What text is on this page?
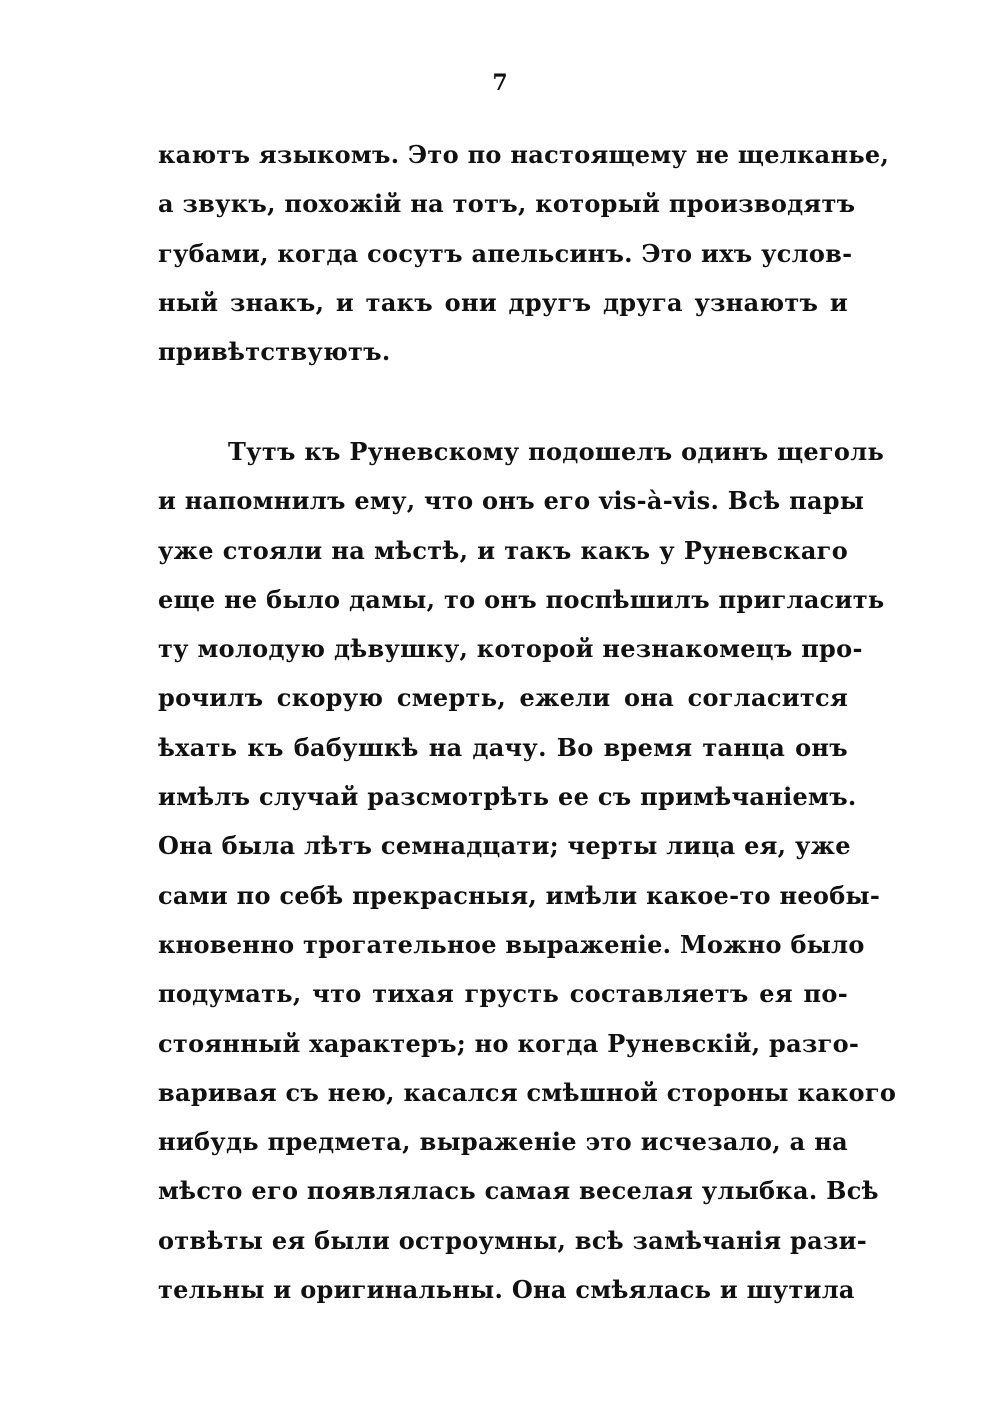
7
каютъ языкомъ. Это по настоящему не щелканье,
а звукъ, похожій на тотъ, который производятъ
губами, когда сосутъ апельсинъ. Это ихъ услов-
ный знакъ, и такъ они другъ друга узнаютъ и
привѣтствуютъ.
Тутъ къ Руневскому подошелъ одинъ щеголь
и напомнилъ ему, что онъ его vis-à-vis. Всѣ пары
уже стояли на мѣстѣ, и такъ какъ у Руневскаго
еще не было дамы, то онъ поспѣшилъ пригласить
ту молодую дѣвушку, которой незнакомецъ про-
рочилъ скорую смерть, ежели она согласится
ѣхать къ бабушкѣ на дачу. Во время танца онъ
имѣлъ случай разсмотрѣть ее съ примѣчаніемъ.
Она была лѣтъ семнадцати; черты лица ея, уже
сами по себѣ прекрасныя, имѣли какое-то необы-
кновенно трогательное выраженіе. Можно было
подумать, что тихая грусть составляетъ ея по-
стоянный характеръ; но когда Руневскій, разго-
варивая съ нею, касался смѣшной стороны какого
нибудь предмета, выраженіе это исчезало, а на
мѣсто его появлялась самая веселая улыбка. Всѣ
отвѣты ея были остроумны, всѣ замѣчанія рази-
тельны и оригинальны. Она смѣялась и шутила
